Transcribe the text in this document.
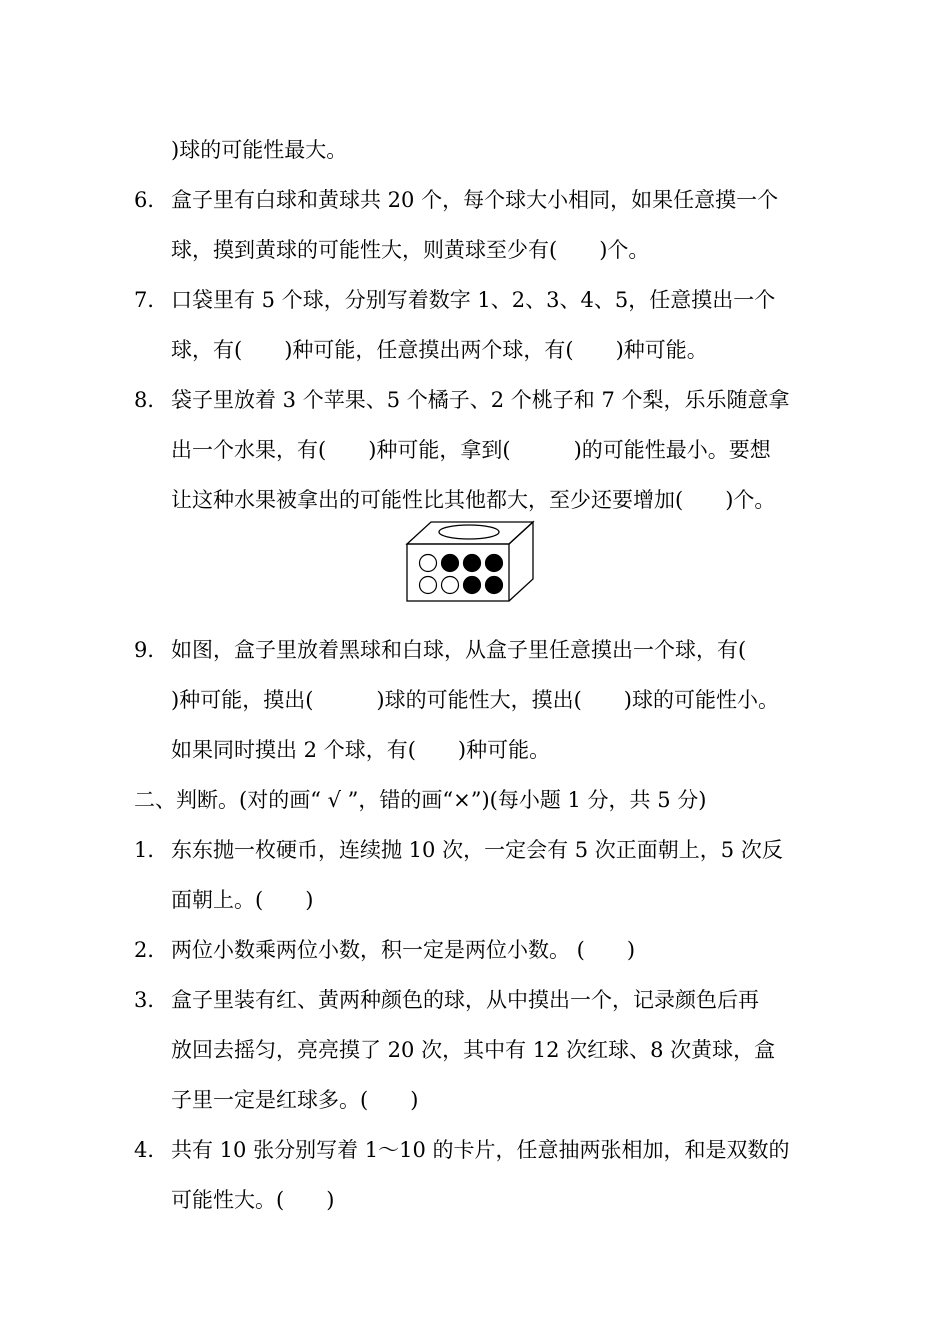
)球的可能性最大。
6． 盒子里有白球和黄球共 20 个，每个球大小相同，如果任意摸一个
球，摸到黄球的可能性大，则黄球至少有(　　)个。
7． 口袋里有 5 个球，分别写着数字 1、2、3、4、5，任意摸出一个
球，有(　　)种可能，任意摸出两个球，有(　　)种可能。
8． 袋子里放着 3 个苹果、5 个橘子、2 个桃子和 7 个梨，乐乐随意拿
出一个水果，有(　　)种可能，拿到(　　　)的可能性最小。要想
让这种水果被拿出的可能性比其他都大，至少还要增加(　　)个。
9． 如图，盒子里放着黑球和白球，从盒子里任意摸出一个球，有(
)种可能，摸出(　　　)球的可能性大，摸出(　　)球的可能性小。
如果同时摸出 2 个球，有(　　)种可能。
二、判断。(对的画“ √ ”，错的画“×”)(每小题 1 分，共 5 分)
1． 东东抛一枚硬币，连续抛 10 次，一定会有 5 次正面朝上，5 次反
面朝上。(　　)
2． 两位小数乘两位小数，积一定是两位小数。 (　　)
3． 盒子里装有红、黄两种颜色的球，从中摸出一个，记录颜色后再
放回去摇匀，亮亮摸了 20 次，其中有 12 次红球、8 次黄球，盒
子里一定是红球多。(　　)
4． 共有 10 张分别写着 1～10 的卡片，任意抽两张相加，和是双数的
可能性大。(　　)
